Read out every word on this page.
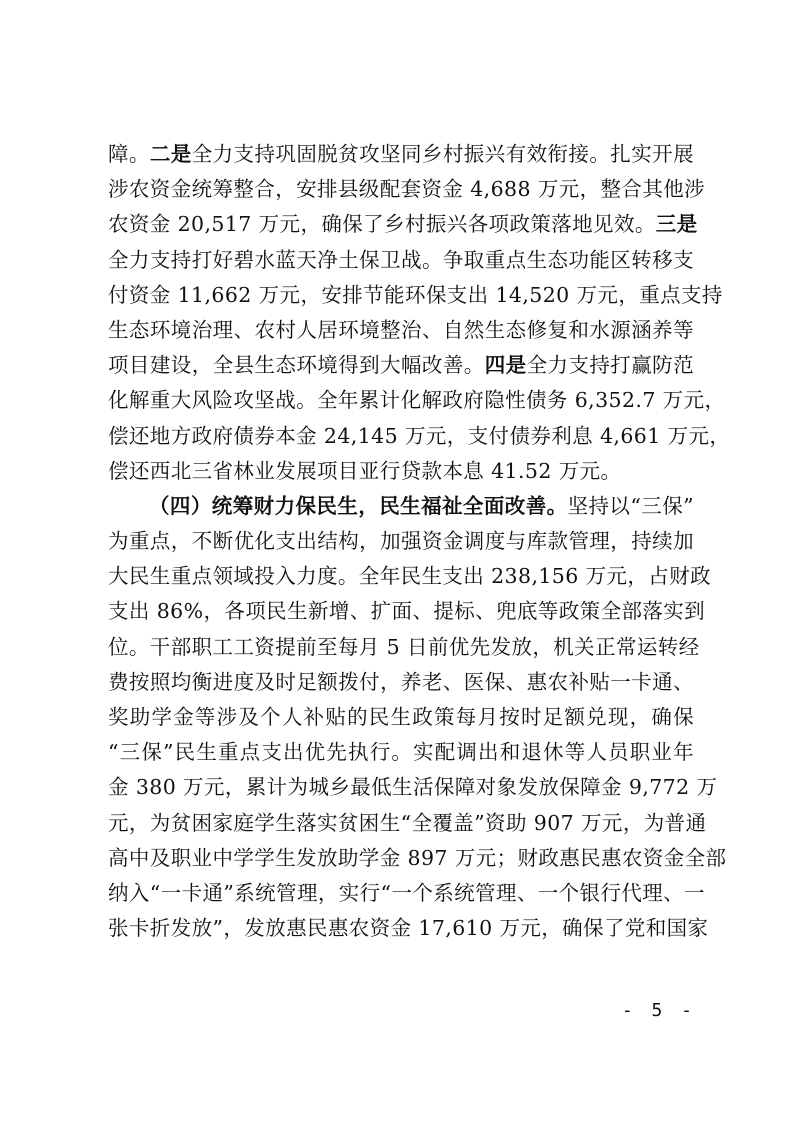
障。二是全力支持巩固脱贫攻坚同乡村振兴有效衔接。扎实开展
涉农资金统筹整合，安排县级配套资金 4,688 万元，整合其他涉
农资金 20,517 万元，确保了乡村振兴各项政策落地见效。三是
全力支持打好碧水蓝天净土保卫战。争取重点生态功能区转移支
付资金 11,662 万元，安排节能环保支出 14,520 万元，重点支持
生态环境治理、农村人居环境整治、自然生态修复和水源涵养等
项目建设，全县生态环境得到大幅改善。四是全力支持打赢防范
化解重大风险攻坚战。全年累计化解政府隐性债务 6,352.7 万元，
偿还地方政府债券本金 24,145 万元，支付债券利息 4,661 万元，
偿还西北三省林业发展项目亚行贷款本息 41.52 万元。
（四）统筹财力保民生，民生福祉全面改善。坚持以“三保”
为重点，不断优化支出结构，加强资金调度与库款管理，持续加
大民生重点领域投入力度。全年民生支出 238,156 万元，占财政
支出 86%，各项民生新增、扩面、提标、兜底等政策全部落实到
位。干部职工工资提前至每月 5 日前优先发放，机关正常运转经
费按照均衡进度及时足额拨付，养老、医保、惠农补贴一卡通、
奖助学金等涉及个人补贴的民生政策每月按时足额兑现，确保
“三保”民生重点支出优先执行。实配调出和退休等人员职业年
金 380 万元，累计为城乡最低生活保障对象发放保障金 9,772 万
元，为贫困家庭学生落实贫困生“全覆盖”资助 907 万元，为普通
高中及职业中学学生发放助学金 897 万元；财政惠民惠农资金全部
纳入“一卡通”系统管理，实行“一个系统管理、一个银行代理、一
张卡折发放”，发放惠民惠农资金 17,610 万元，确保了党和国家
- 5 -
